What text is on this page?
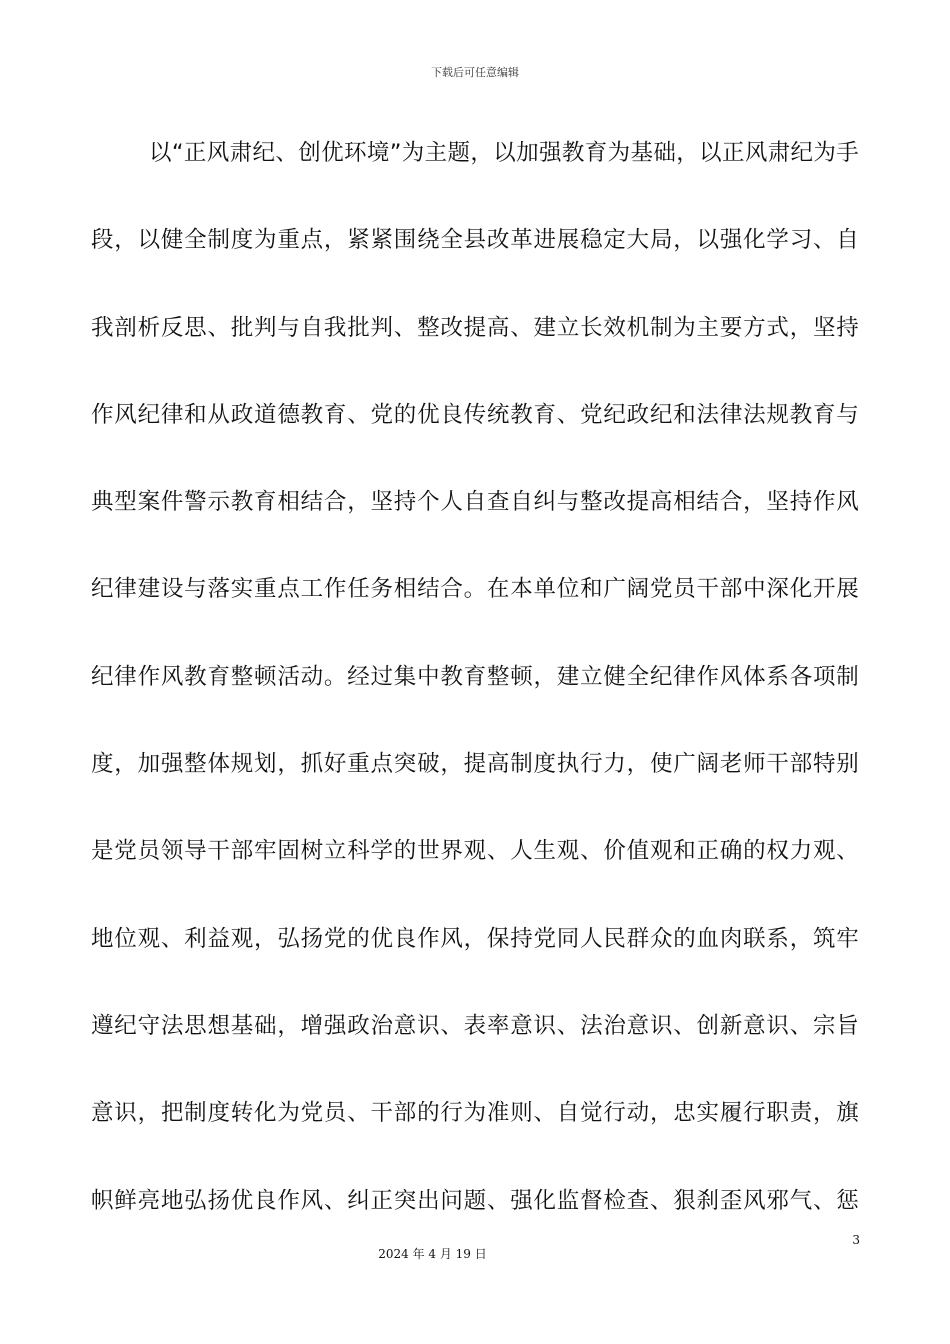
下载后可任意编辑
以“正风肃纪、创优环境”为主题，以加强教育为基础，以正风肃纪为手
段，以健全制度为重点，紧紧围绕全县改革进展稳定大局，以强化学习、自
我剖析反思、批判与自我批判、整改提高、建立长效机制为主要方式，坚持
作风纪律和从政道德教育、党的优良传统教育、党纪政纪和法律法规教育与
典型案件警示教育相结合，坚持个人自查自纠与整改提高相结合，坚持作风
纪律建设与落实重点工作任务相结合。在本单位和广阔党员干部中深化开展
纪律作风教育整顿活动。经过集中教育整顿，建立健全纪律作风体系各项制
度，加强整体规划，抓好重点突破，提高制度执行力，使广阔老师干部特别
是党员领导干部牢固树立科学的世界观、人生观、价值观和正确的权力观、
地位观、利益观，弘扬党的优良作风，保持党同人民群众的血肉联系，筑牢
遵纪守法思想基础，增强政治意识、表率意识、法治意识、创新意识、宗旨
意识，把制度转化为党员、干部的行为准则、自觉行动，忠实履行职责，旗
帜鲜亮地弘扬优良作风、纠正突出问题、强化监督检查、狠刹歪风邪气、惩
3
2024 年 4 月 19 日
